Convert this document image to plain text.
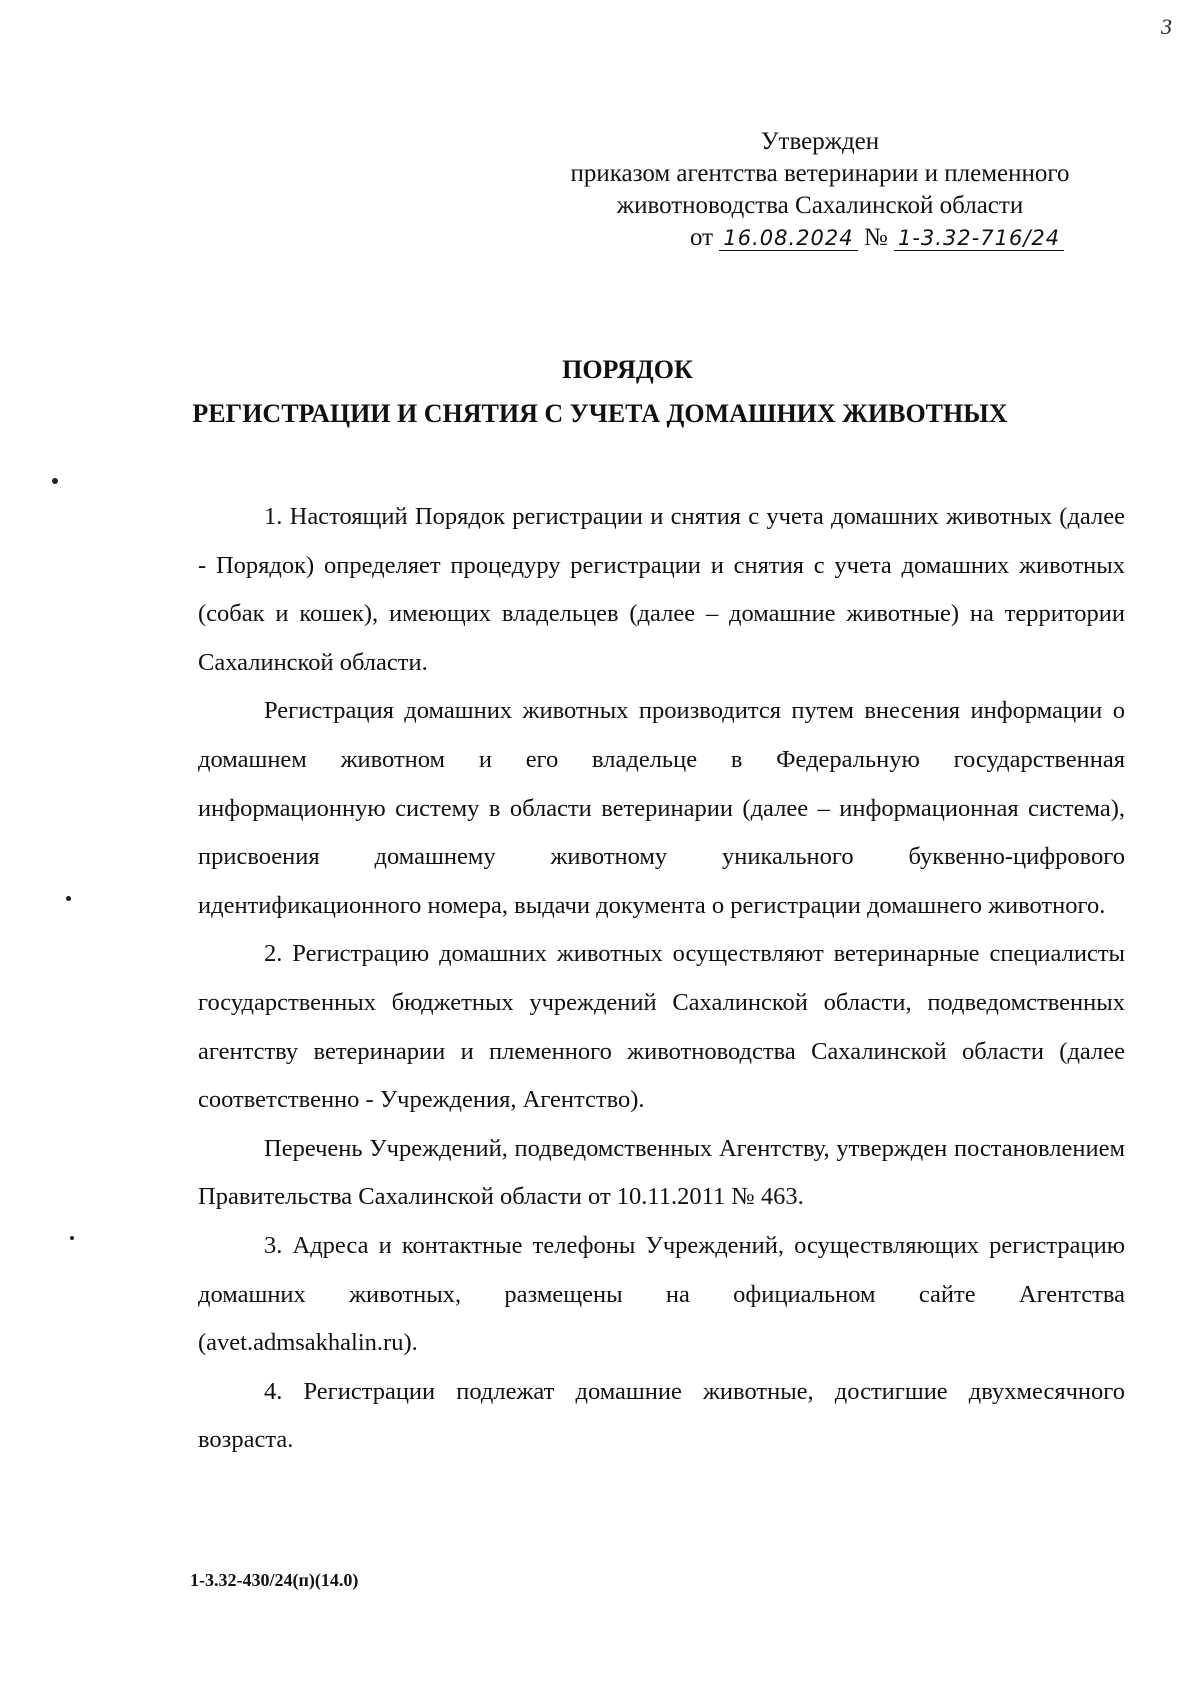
3
Утвержден
приказом агентства ветеринарии и племенного
животноводства Сахалинской области
от 16.08.2024 № 1-3.32-716/24
ПОРЯДОК
РЕГИСТРАЦИИ И СНЯТИЯ С УЧЕТА ДОМАШНИХ ЖИВОТНЫХ

1. Настоящий Порядок регистрации и снятия с учета домашних животных (далее - Порядок) определяет процедуру регистрации и снятия с учета домашних животных (собак и кошек), имеющих владельцев (далее – домашние животные) на территории Сахалинской области.

Регистрация домашних животных производится путем внесения информации о домашнем животном и его владельце в Федеральную государственная информационную систему в области ветеринарии (далее – информационная система), присвоения домашнему животному уникального буквенно-цифрового идентификационного номера, выдачи документа о регистрации домашнего животного.

2. Регистрацию домашних животных осуществляют ветеринарные специалисты государственных бюджетных учреждений Сахалинской области, подведомственных агентству ветеринарии и племенного животноводства Сахалинской области (далее соответственно - Учреждения, Агентство).

Перечень Учреждений, подведомственных Агентству, утвержден постановлением Правительства Сахалинской области от 10.11.2011 № 463.

3. Адреса и контактные телефоны Учреждений, осуществляющих регистрацию домашних животных, размещены на официальном сайте Агентства (avet.admsakhalin.ru).

4. Регистрации подлежат домашние животные, достигшие двухмесячного возраста.

1-3.32-430/24(п)(14.0)
